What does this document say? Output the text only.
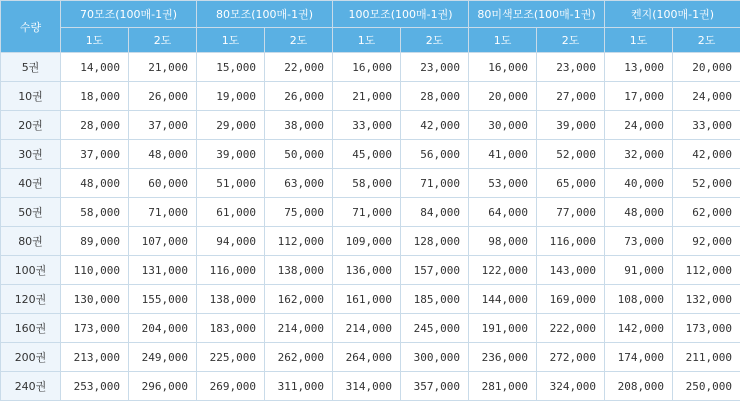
수량	70모조(100매-1권)		80모조(100매-1권)		100모조(100매-1권)		80미색모조(100매-1권)		켄지(100매-1권)	
	1도	2도	1도	2도	1도	2도	1도	2도	1도	2도
5권	14,000	21,000	15,000	22,000	16,000	23,000	16,000	23,000	13,000	20,000
10권	18,000	26,000	19,000	26,000	21,000	28,000	20,000	27,000	17,000	24,000
20권	28,000	37,000	29,000	38,000	33,000	42,000	30,000	39,000	24,000	33,000
30권	37,000	48,000	39,000	50,000	45,000	56,000	41,000	52,000	32,000	42,000
40권	48,000	60,000	51,000	63,000	58,000	71,000	53,000	65,000	40,000	52,000
50권	58,000	71,000	61,000	75,000	71,000	84,000	64,000	77,000	48,000	62,000
80권	89,000	107,000	94,000	112,000	109,000	128,000	98,000	116,000	73,000	92,000
100권	110,000	131,000	116,000	138,000	136,000	157,000	122,000	143,000	91,000	112,000
120권	130,000	155,000	138,000	162,000	161,000	185,000	144,000	169,000	108,000	132,000
160권	173,000	204,000	183,000	214,000	214,000	245,000	191,000	222,000	142,000	173,000
200권	213,000	249,000	225,000	262,000	264,000	300,000	236,000	272,000	174,000	211,000
240권	253,000	296,000	269,000	311,000	314,000	357,000	281,000	324,000	208,000	250,000
